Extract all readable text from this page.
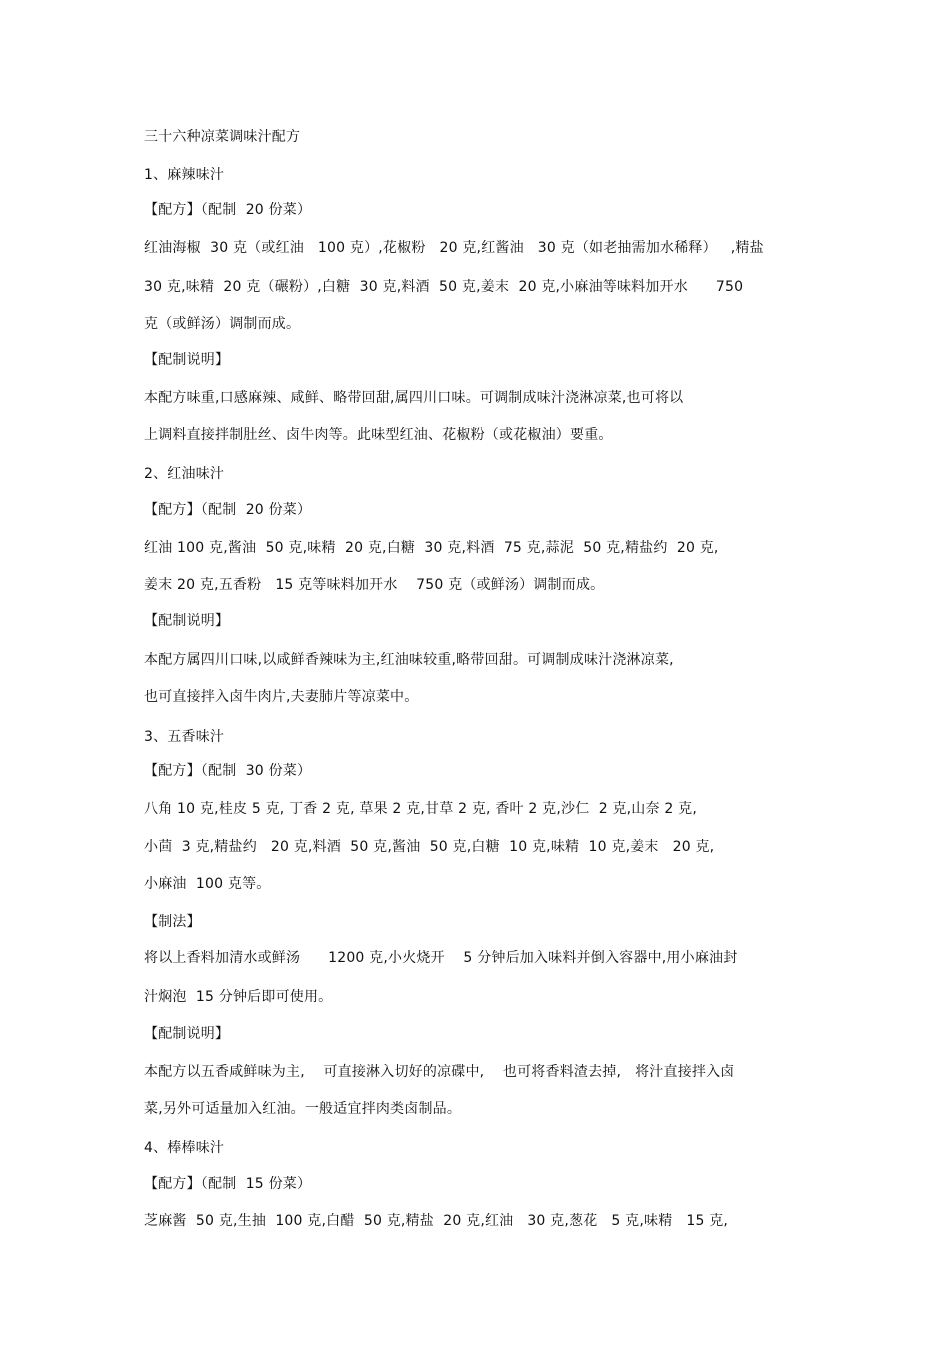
三十六种凉菜调味汁配方

1、麻辣味汁

【配方】（配制  20 份菜）

红油海椒  30 克（或红油   100 克）,花椒粉   20 克,红酱油   30 克（如老抽需加水稀释）   ,精盐

30 克,味精  20 克（碾粉）,白糖  30 克,料酒  50 克,姜末  20 克,小麻油等味料加开水      750

克（或鲜汤）调制而成。

【配制说明】

本配方味重,口感麻辣、咸鲜、略带回甜,属四川口味。可调制成味汁浇淋凉菜,也可将以

上调料直接拌制肚丝、卤牛肉等。此味型红油、花椒粉（或花椒油）要重。

2、红油味汁

【配方】（配制  20 份菜）

红油 100 克,酱油  50 克,味精  20 克,白糖  30 克,料酒  75 克,蒜泥  50 克,精盐约  20 克,

姜末 20 克,五香粉   15 克等味料加开水    750 克（或鲜汤）调制而成。

【配制说明】

本配方属四川口味,以咸鲜香辣味为主,红油味较重,略带回甜。可调制成味汁浇淋凉菜,

也可直接拌入卤牛肉片,夫妻肺片等凉菜中。

3、五香味汁

【配方】（配制  30 份菜）

八角 10 克,桂皮 5 克, 丁香 2 克, 草果 2 克,甘草 2 克, 香叶 2 克,沙仁  2 克,山奈 2 克,

小茴  3 克,精盐约   20 克,料酒  50 克,酱油  50 克,白糖  10 克,味精  10 克,姜末   20 克,

小麻油  100 克等。

【制法】

将以上香料加清水或鲜汤      1200 克,小火烧开    5 分钟后加入味料并倒入容器中,用小麻油封

汁焖泡  15 分钟后即可使用。

【配制说明】

本配方以五香咸鲜味为主,    可直接淋入切好的凉碟中,    也可将香料渣去掉,   将汁直接拌入卤

菜,另外可适量加入红油。一般适宜拌肉类卤制品。

4、棒棒味汁

【配方】（配制  15 份菜）

芝麻酱  50 克,生抽  100 克,白醋  50 克,精盐  20 克,红油   30 克,葱花   5 克,味精   15 克,
